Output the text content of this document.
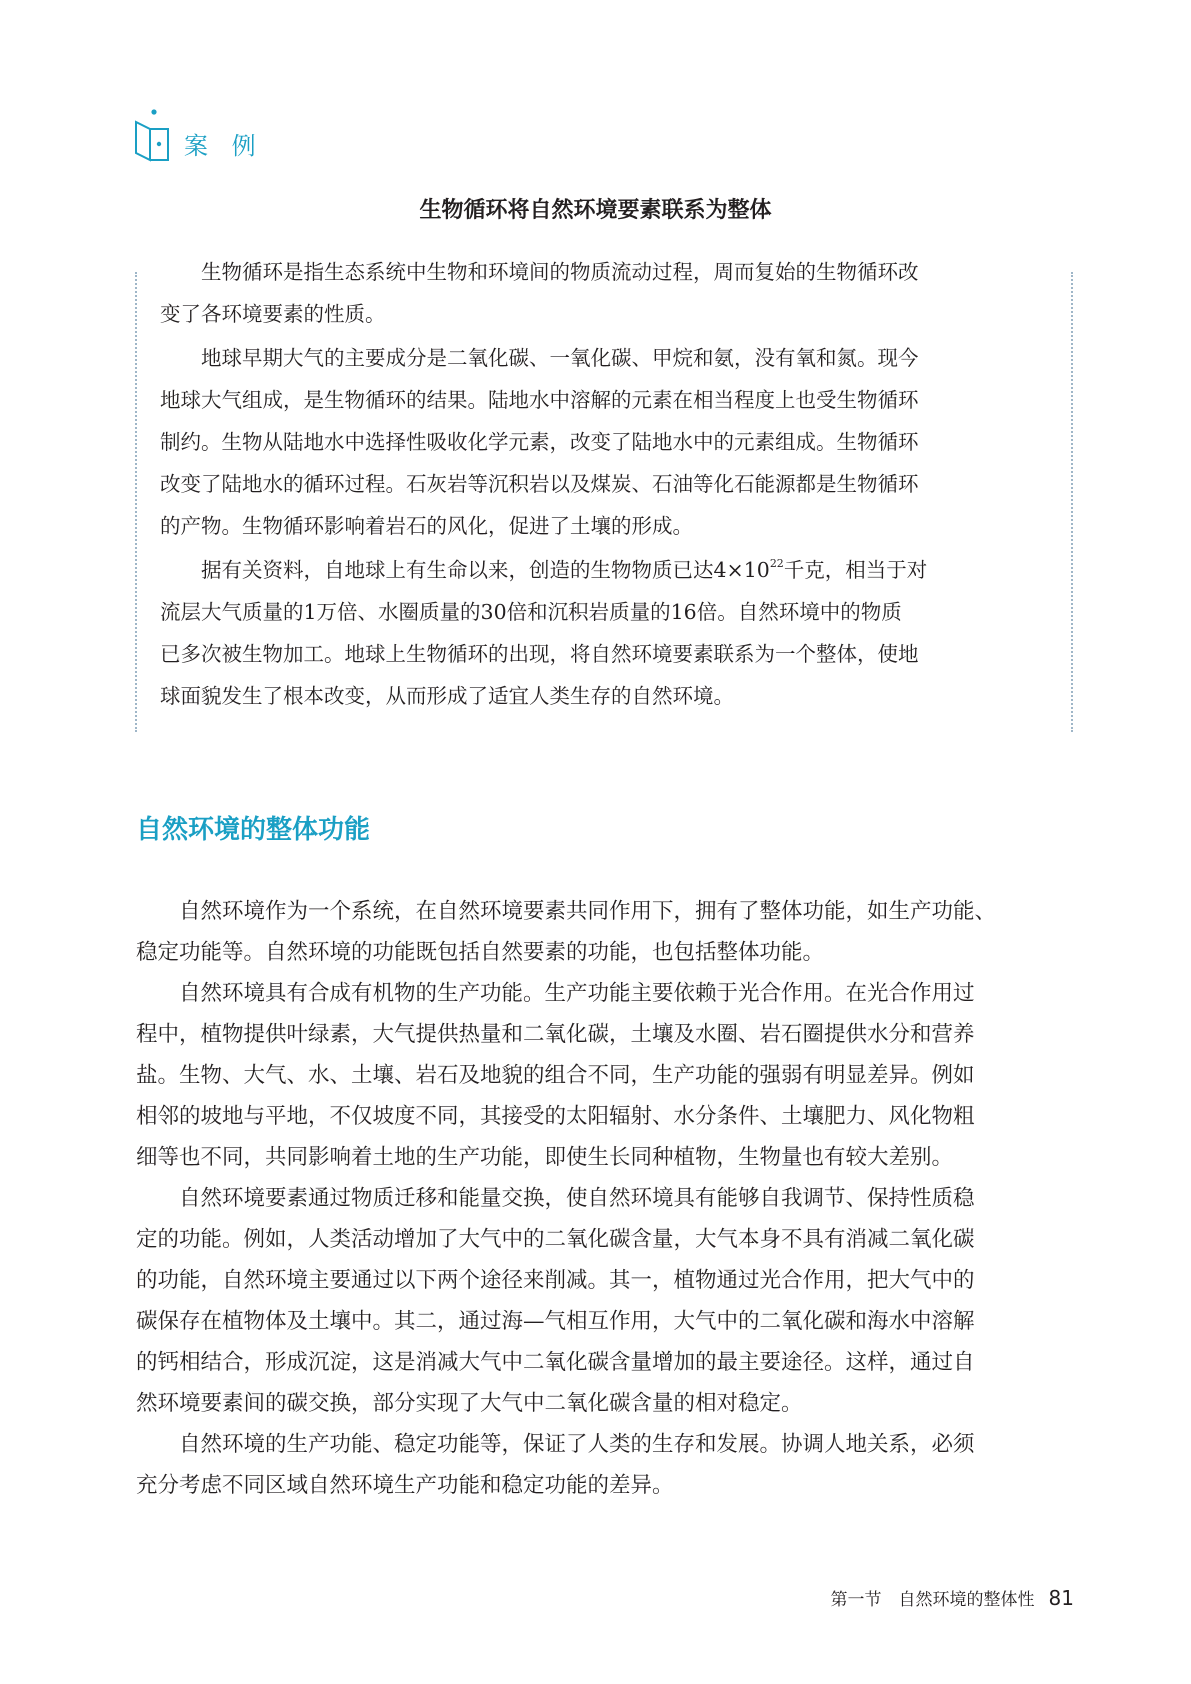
案 例
生物循环将自然环境要素联系为整体

　　生物循环是指生态系统中生物和环境间的物质流动过程，周而复始的生物循环改
变了各环境要素的性质。

　　地球早期大气的主要成分是二氧化碳、一氧化碳、甲烷和氨，没有氧和氮。现今
地球大气组成，是生物循环的结果。陆地水中溶解的元素在相当程度上也受生物循环
制约。生物从陆地水中选择性吸收化学元素，改变了陆地水中的元素组成。生物循环
改变了陆地水的循环过程。石灰岩等沉积岩以及煤炭、石油等化石能源都是生物循环
的产物。生物循环影响着岩石的风化，促进了土壤的形成。

　　据有关资料，自地球上有生命以来，创造的生物物质已达$4\times 10^{22}$千克，相当于对
流层大气质量的1万倍、水圈质量的30倍和沉积岩质量的16倍。自然环境中的物质
已多次被生物加工。地球上生物循环的出现，将自然环境要素联系为一个整体，使地
球面貌发生了根本改变，从而形成了适宜人类生存的自然环境。

自然环境的整体功能

　　自然环境作为一个系统，在自然环境要素共同作用下，拥有了整体功能，如生产功能、
稳定功能等。自然环境的功能既包括自然要素的功能，也包括整体功能。

　　自然环境具有合成有机物的生产功能。生产功能主要依赖于光合作用。在光合作用过
程中，植物提供叶绿素，大气提供热量和二氧化碳，土壤及水圈、岩石圈提供水分和营养
盐。生物、大气、水、土壤、岩石及地貌的组合不同，生产功能的强弱有明显差异。例如
相邻的坡地与平地，不仅坡度不同，其接受的太阳辐射、水分条件、土壤肥力、风化物粗
细等也不同，共同影响着土地的生产功能，即使生长同种植物，生物量也有较大差别。

　　自然环境要素通过物质迁移和能量交换，使自然环境具有能够自我调节、保持性质稳
定的功能。例如，人类活动增加了大气中的二氧化碳含量，大气本身不具有消减二氧化碳
的功能，自然环境主要通过以下两个途径来削减。其一，植物通过光合作用，把大气中的
碳保存在植物体及土壤中。其二，通过海—气相互作用，大气中的二氧化碳和海水中溶解
的钙相结合，形成沉淀，这是消减大气中二氧化碳含量增加的最主要途径。这样，通过自
然环境要素间的碳交换，部分实现了大气中二氧化碳含量的相对稳定。

　　自然环境的生产功能、稳定功能等，保证了人类的生存和发展。协调人地关系，必须
充分考虑不同区域自然环境生产功能和稳定功能的差异。

第一节　自然环境的整体性 81
